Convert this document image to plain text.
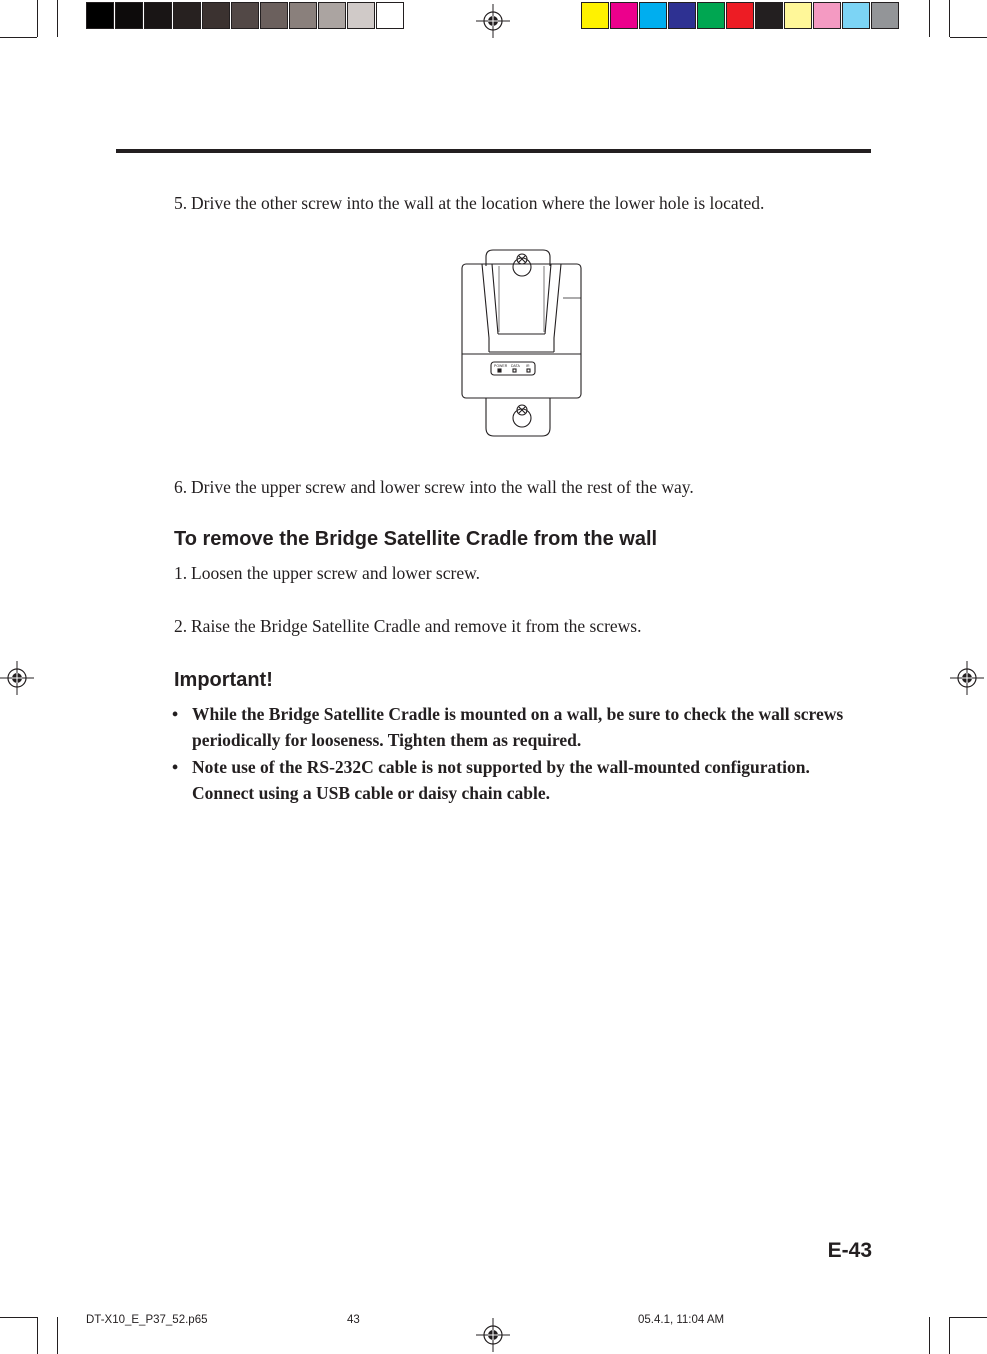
5. Drive the other screw into the wall at the location where the lower hole is located.
POWER DATA IR
6. Drive the upper screw and lower screw into the wall the rest of the way.
To remove the Bridge Satellite Cradle from the wall
1. Loosen the upper screw and lower screw.
2. Raise the Bridge Satellite Cradle and remove it from the screws.
Important!
• While the Bridge Satellite Cradle is mounted on a wall, be sure to check the wall screws periodically for looseness. Tighten them as required.
• Note use of the RS-232C cable is not supported by the wall-mounted configuration. Connect using a USB cable or daisy chain cable.
E-43
DT-X10_E_P37_52.p65	43	05.4.1, 11:04 AM
